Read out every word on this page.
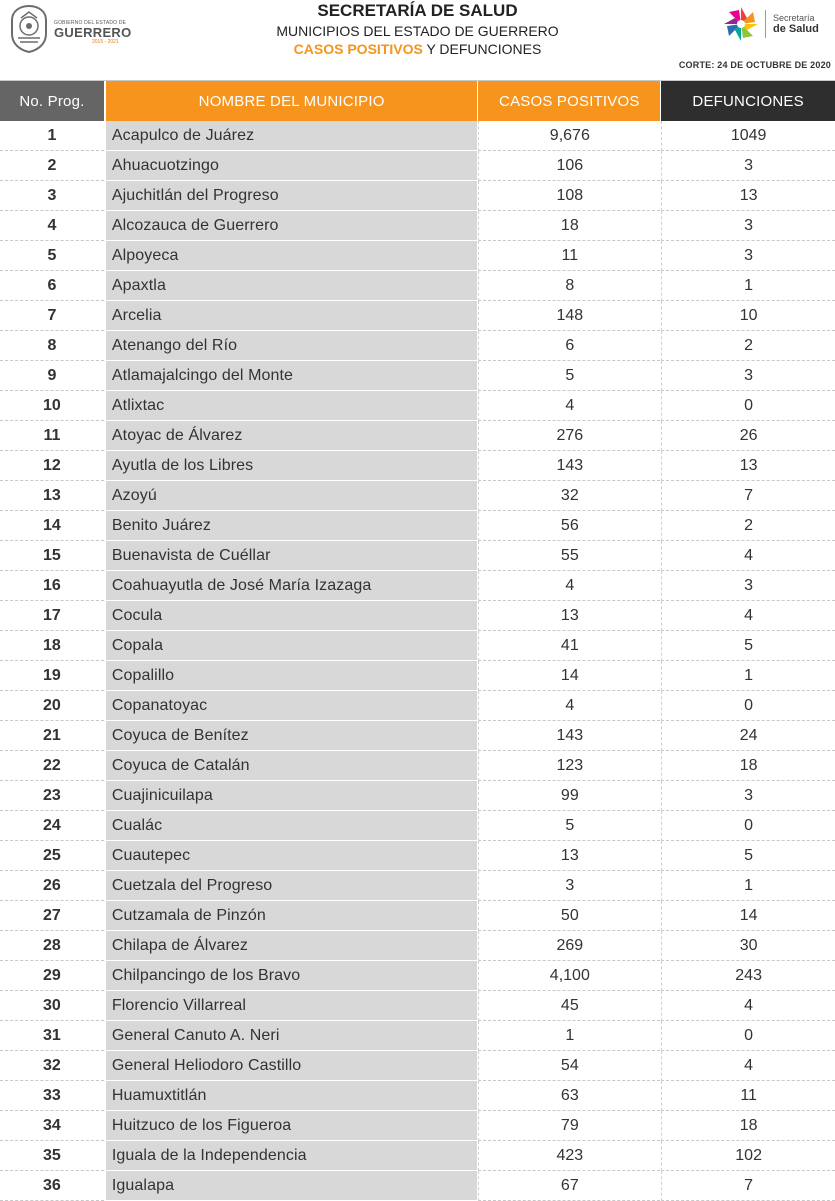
GOBIERNO DEL ESTADO DE
GUERRERO
2015 - 2021
SECRETARÍA DE SALUD
MUNICIPIOS DEL ESTADO DE GUERRERO
CASOS POSITIVOS Y DEFUNCIONES
Secretaría
de Salud
CORTE: 24 DE OCTUBRE DE 2020
No. Prog.	NOMBRE DEL MUNICIPIO	CASOS POSITIVOS	DEFUNCIONES
1	Acapulco de Juárez	9,676	1049
2	Ahuacuotzingo	106	3
3	Ajuchitlán del Progreso	108	13
4	Alcozauca de Guerrero	18	3
5	Alpoyeca	11	3
6	Apaxtla	8	1
7	Arcelia	148	10
8	Atenango del Río	6	2
9	Atlamajalcingo del Monte	5	3
10	Atlixtac	4	0
11	Atoyac de Álvarez	276	26
12	Ayutla de los Libres	143	13
13	Azoyú	32	7
14	Benito Juárez	56	2
15	Buenavista de Cuéllar	55	4
16	Coahuayutla de José María Izazaga	4	3
17	Cocula	13	4
18	Copala	41	5
19	Copalillo	14	1
20	Copanatoyac	4	0
21	Coyuca de Benítez	143	24
22	Coyuca de Catalán	123	18
23	Cuajinicuilapa	99	3
24	Cualác	5	0
25	Cuautepec	13	5
26	Cuetzala del Progreso	3	1
27	Cutzamala de Pinzón	50	14
28	Chilapa de Álvarez	269	30
29	Chilpancingo de los Bravo	4,100	243
30	Florencio Villarreal	45	4
31	General Canuto A. Neri	1	0
32	General Heliodoro Castillo	54	4
33	Huamuxtitlán	63	11
34	Huitzuco de los Figueroa	79	18
35	Iguala de la Independencia	423	102
36	Igualapa	67	7
